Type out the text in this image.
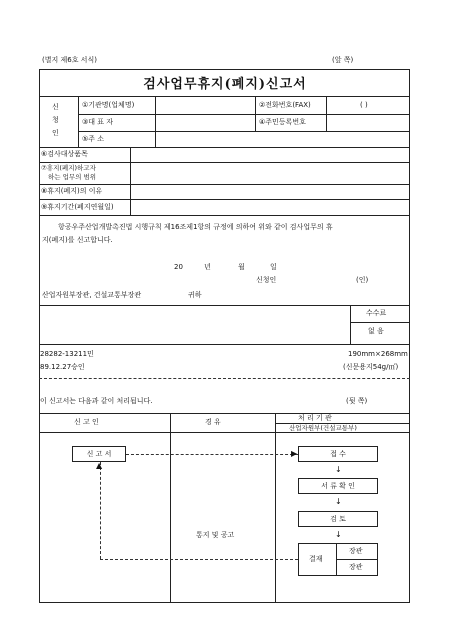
(별지 제6호 서식)	(앞 쪽)
검사업무휴지(폐지)신고서
신
청
인
①기관명(업체명)	②전화번호(FAX)	( )
③대 표 자	④주민등록번호
⑤주 소
⑥검사대상품목
⑦휴지(폐지)하고자
하는 업무의 범위
⑧휴지(폐지)의 이유
⑨휴지기간(폐지연월일)
항공우주산업개발촉진법 시행규칙 제16조제1항의 규정에 의하여 위와 같이 검사업무의 휴
지(폐지)를 신고합니다.
20	년	월	일
신청인	(인)
산업자원부장관, 건설교통부장관	귀하
수수료
없 음
28282-13211민
89.12.27승인
190mm×268mm
(신문용지54g/㎡)
이 신고서는 다음과 같이 처리됩니다.	(뒷 쪽)
신 고 인	경 유	처 리 기 관
산업자원부(건설교통부)
신 고 서	▶	접 수
↓
서 류 확 인
↓
검 토
↓
결재
장관
장관
▲
통지 및 공고
